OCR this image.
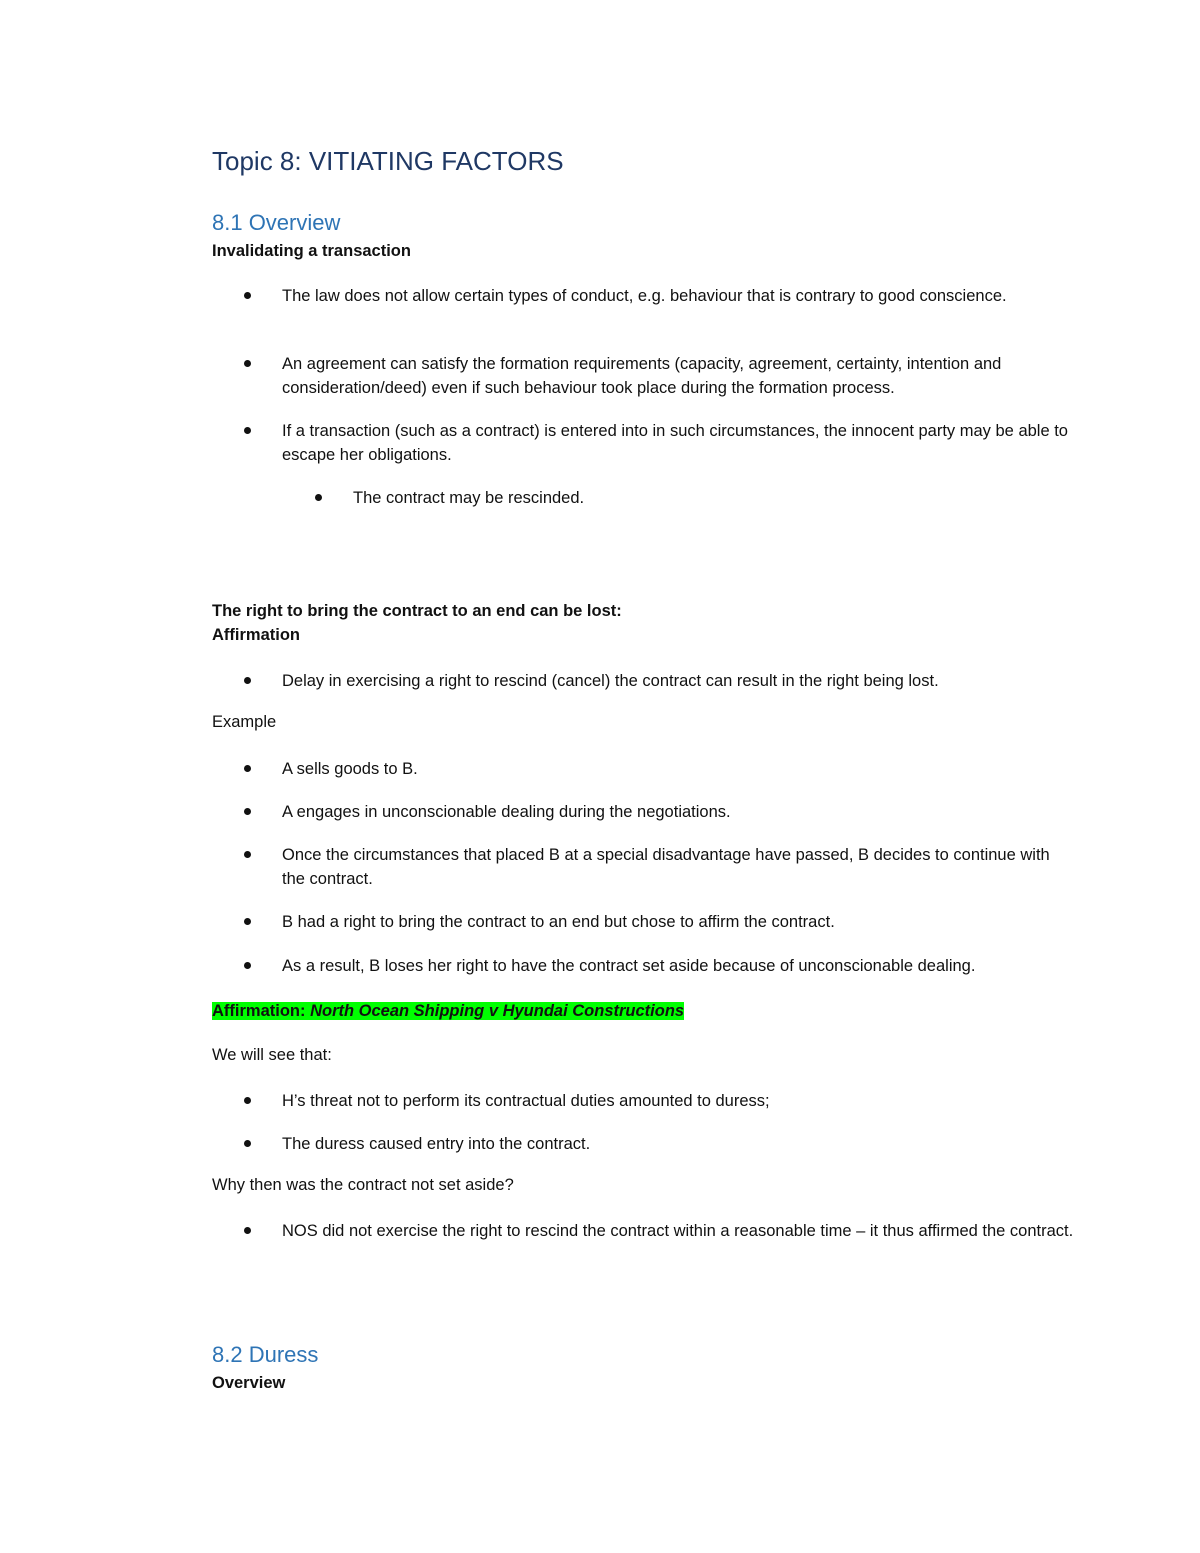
Topic 8: VITIATING FACTORS
8.1 Overview
Invalidating a transaction
The law does not allow certain types of conduct, e.g. behaviour that is contrary to good conscience.
An agreement can satisfy the formation requirements (capacity, agreement, certainty, intention and consideration/deed) even if such behaviour took place during the formation process.
If a transaction (such as a contract) is entered into in such circumstances, the innocent party may be able to escape her obligations.
The contract may be rescinded.
The right to bring the contract to an end can be lost:
Affirmation
Delay in exercising a right to rescind (cancel) the contract can result in the right being lost.
Example
A sells goods to B.
A engages in unconscionable dealing during the negotiations.
Once the circumstances that placed B at a special disadvantage have passed, B decides to continue with the contract.
B had a right to bring the contract to an end but chose to affirm the contract.
As a result, B loses her right to have the contract set aside because of unconscionable dealing.
Affirmation: North Ocean Shipping v Hyundai Constructions
We will see that:
H’s threat not to perform its contractual duties amounted to duress;
The duress caused entry into the contract.
Why then was the contract not set aside?
NOS did not exercise the right to rescind the contract within a reasonable time – it thus affirmed the contract.
8.2 Duress
Overview
